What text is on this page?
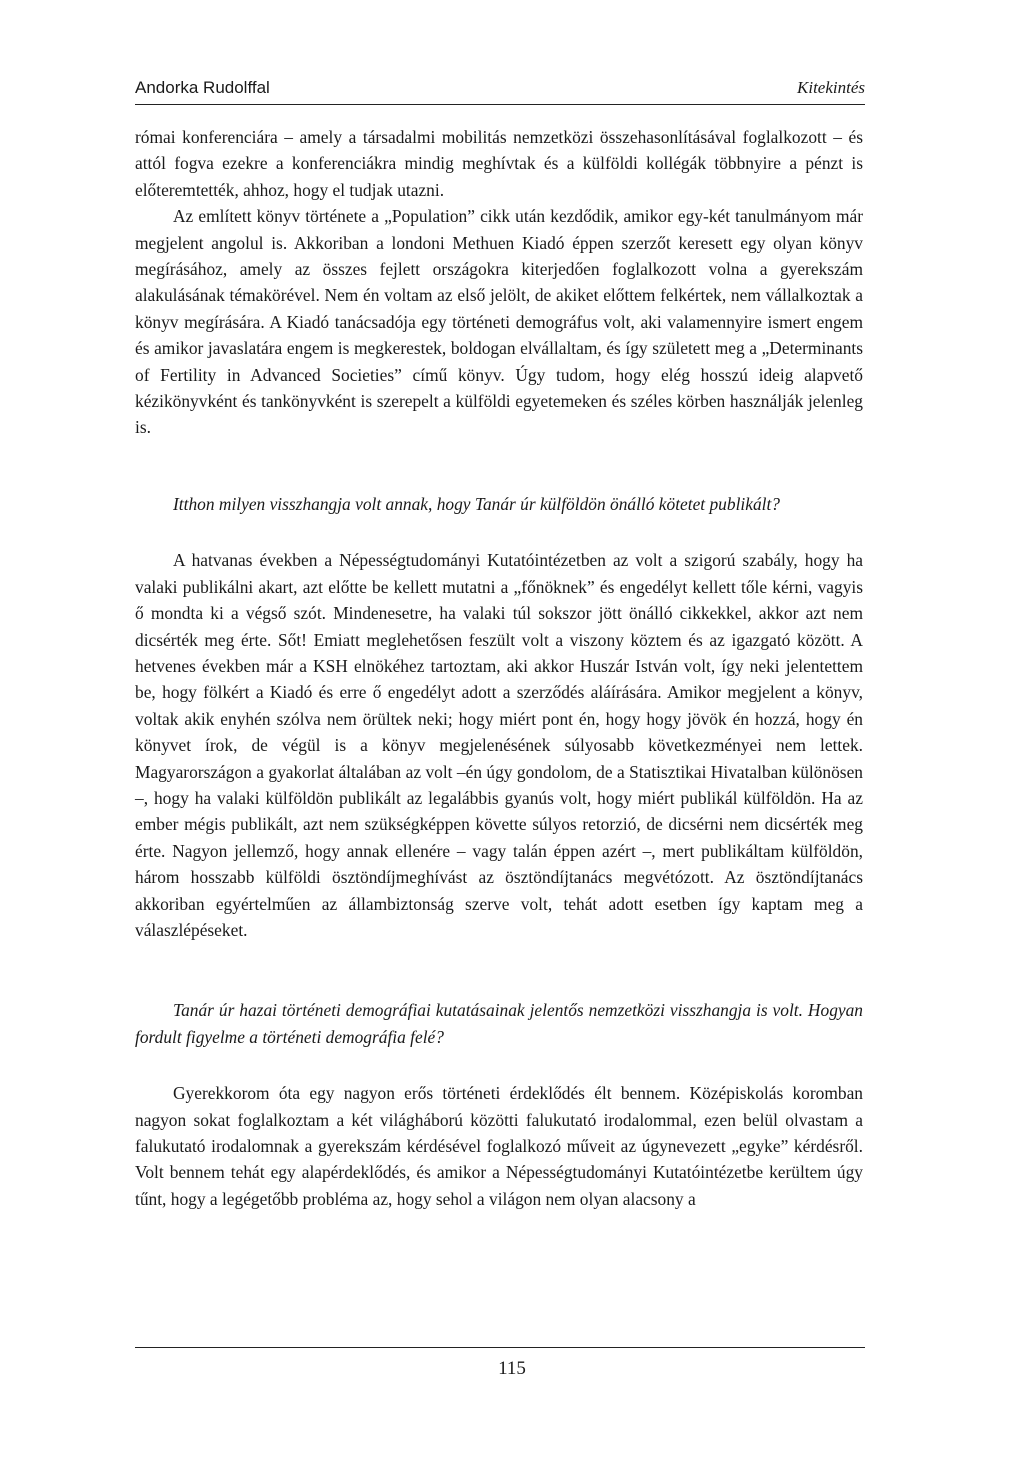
Andorka Rudolffal	Kitekintés

római konferenciára – amely a társadalmi mobilitás nemzetközi összehasonlításával foglalkozott – és attól fogva ezekre a konferenciákra mindig meghívtak és a külföldi kollégák többnyire a pénzt is előteremtették, ahhoz, hogy el tudjak utazni.

Az említett könyv története a „Population” cikk után kezdődik, amikor egy-két tanulmányom már megjelent angolul is. Akkoriban a londoni Methuen Kiadó éppen szerzőt keresett egy olyan könyv megírásához, amely az összes fejlett országokra kiterjedően foglalkozott volna a gyerekszám alakulásának témakörével. Nem én voltam az első jelölt, de akiket előttem felkértek, nem vállalkoztak a könyv megírására. A Kiadó tanácsadója egy történeti demográfus volt, aki valamennyire ismert engem és amikor javaslatára engem is megkerestek, boldogan elvállaltam, és így született meg a „Determinants of Fertility in Advanced Societies” című könyv. Úgy tudom, hogy elég hosszú ideig alapvető kézikönyvként és tankönyvként is szerepelt a külföldi egyetemeken és széles körben használják jelenleg is.

Itthon milyen visszhangja volt annak, hogy Tanár úr külföldön önálló kötetet publikált?

A hatvanas években a Népességtudományi Kutatóintézetben az volt a szigorú szabály, hogy ha valaki publikálni akart, azt előtte be kellett mutatni a „főnöknek” és engedélyt kellett tőle kérni, vagyis ő mondta ki a végső szót. Mindenesetre, ha valaki túl sokszor jött önálló cikkekkel, akkor azt nem dicsérték meg érte. Sőt! Emiatt meglehetősen feszült volt a viszony köztem és az igazgató között. A hetvenes években már a KSH elnökéhez tartoztam, aki akkor Huszár István volt, így neki jelentettem be, hogy fölkért a Kiadó és erre ő engedélyt adott a szerződés aláírására. Amikor megjelent a könyv, voltak akik enyhén szólva nem örültek neki; hogy miért pont én, hogy hogy jövök én hozzá, hogy én könyvet írok, de végül is a könyv megjelenésének súlyosabb következményei nem lettek. Magyarországon a gyakorlat általában az volt –én úgy gondolom, de a Statisztikai Hivatalban különösen –, hogy ha valaki külföldön publikált az legalábbis gyanús volt, hogy miért publikál külföldön. Ha az ember mégis publikált, azt nem szükségképpen követte súlyos retorzió, de dicsérni nem dicsérték meg érte. Nagyon jellemző, hogy annak ellenére – vagy talán éppen azért –, mert publikáltam külföldön, három hosszabb külföldi ösztöndíjmeghívást az ösztöndíjtanács megvétózott. Az ösztöndíjtanács akkoriban egyértelműen az állambiztonság szerve volt, tehát adott esetben így kaptam meg a válaszlépéseket.

Tanár úr hazai történeti demográfiai kutatásainak jelentős nemzetközi visszhangja is volt. Hogyan fordult figyelme a történeti demográfia felé?

Gyerekkorom óta egy nagyon erős történeti érdeklődés élt bennem. Középiskolás koromban nagyon sokat foglalkoztam a két világháború közötti falukutató irodalommal, ezen belül olvastam a falukutató irodalomnak a gyerekszám kérdésével foglalkozó műveit az úgynevezett „egyke” kérdésről. Volt bennem tehát egy alapérdeklődés, és amikor a Népességtudományi Kutatóintézetbe kerültem úgy tűnt, hogy a legégetőbb probléma az, hogy sehol a világon nem olyan alacsony a

115
